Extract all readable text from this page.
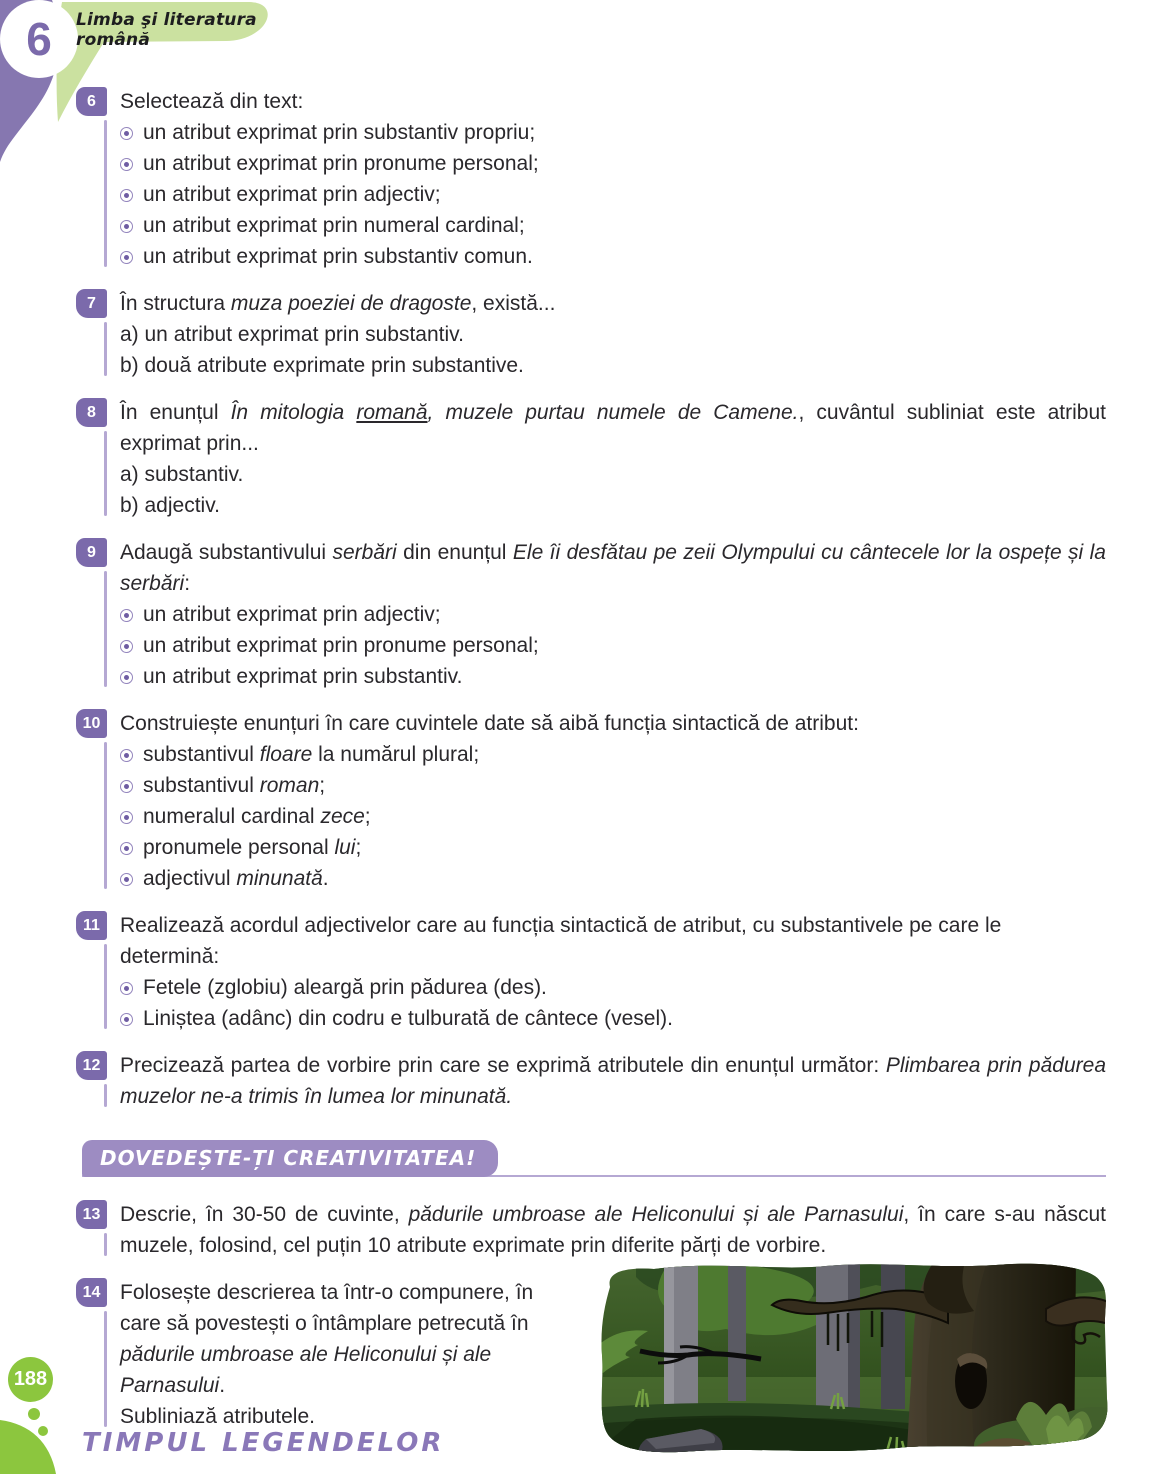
6 Limba şi literatura română
6	Selectează din text:

un atribut exprimat prin substantiv propriu;
un atribut exprimat prin pronume personal;
un atribut exprimat prin adjectiv;
un atribut exprimat prin numeral cardinal;
un atribut exprimat prin substantiv comun.
7	În structura muza poeziei de dragoste, există...

a) un atribut exprimat prin substantiv.

b) două atribute exprimate prin substantive.

8	În enunțul În mitologia romană, muzele purtau numele de Camene., cuvântul subliniat este atribut exprimat prin...

a) substantiv.

b) adjectiv.

9	Adaugă substantivului serbări din enunțul Ele îi desfătau pe zeii Olympului cu cântecele lor la ospețe și la serbări:

un atribut exprimat prin adjectiv;
un atribut exprimat prin pronume personal;
un atribut exprimat prin substantiv.
10 Construiește enunțuri în care cuvintele date să aibă funcția sintactică de atribut:

substantivul floare la numărul plural;
substantivul roman;
numeralul cardinal zece;
pronumele personal lui;
adjectivul minunată.
11 Realizează acordul adjectivelor care au funcția sintactică de atribut, cu substantivele pe care le determină:

Fetele (zglobiu) aleargă prin pădurea (des).
Liniștea (adânc) din codru e tulburată de cântece (vesel).
12 Precizează partea de vorbire prin care se exprimă atributele din enunțul următor: Plimbarea prin pădurea muzelor ne-a trimis în lumea lor minunată.

DOVEDEȘTE-ȚI CREATIVITATEA!
13 Descrie, în 30-50 de cuvinte, pădurile umbroase ale Heliconului și ale Parnasului, în care s-au născut muzele, folosind, cel puțin 10 atribute exprimate prin diferite părți de vorbire.

14 Folosește descrierea ta într-o compunere, în care să povestești o întâmplare petrecută în pădurile umbroase ale Heliconului și ale Parnasului.

Subliniază atributele.

188
TIMPUL LEGENDELOR
